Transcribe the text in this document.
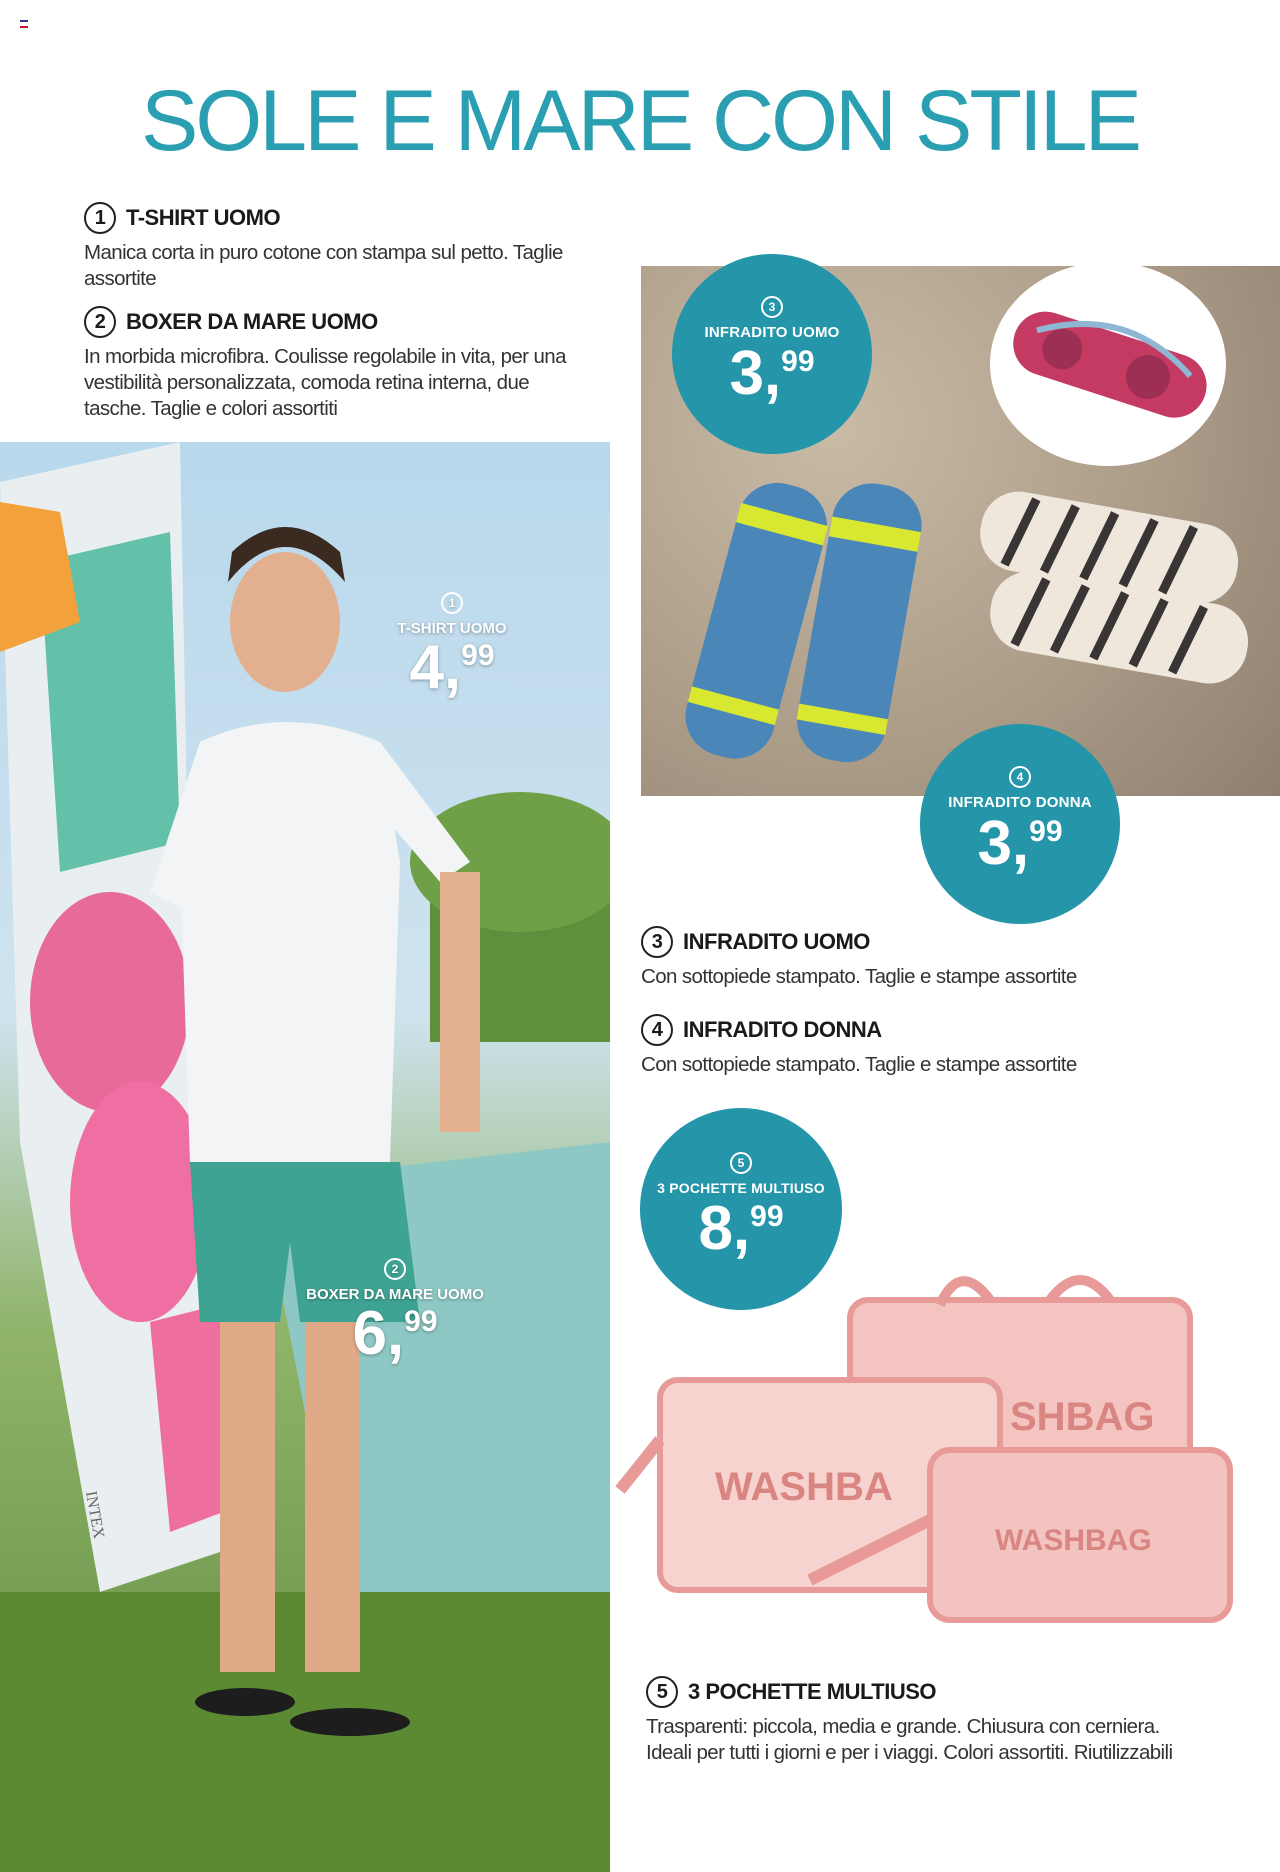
SOLE E MARE CON STILE
1 T-SHIRT UOMO
Manica corta in puro cotone con stampa sul petto. Taglie
assortite
2 BOXER DA MARE UOMO
In morbida microfibra. Coulisse regolabile in vita, per una
vestibilità personalizzata, comoda retina interna, due
tasche. Taglie e colori assortiti
INTEX
1
T-SHIRT UOMO
4,99
2
BOXER DA MARE UOMO
6,99
3
INFRADITO UOMO
3,99
4
INFRADITO DONNA
3,99
3 INFRADITO UOMO
Con sottopiede stampato. Taglie e stampe assortite
4 INFRADITO DONNA
Con sottopiede stampato. Taglie e stampe assortite
5
3 POCHETTE MULTIUSO
8,99
SHBAG
WASHBA
WASHBAG
5 3 POCHETTE MULTIUSO
Trasparenti: piccola, media e grande. Chiusura con cerniera.
Ideali per tutti i giorni e per i viaggi. Colori assortiti. Riutilizzabili
